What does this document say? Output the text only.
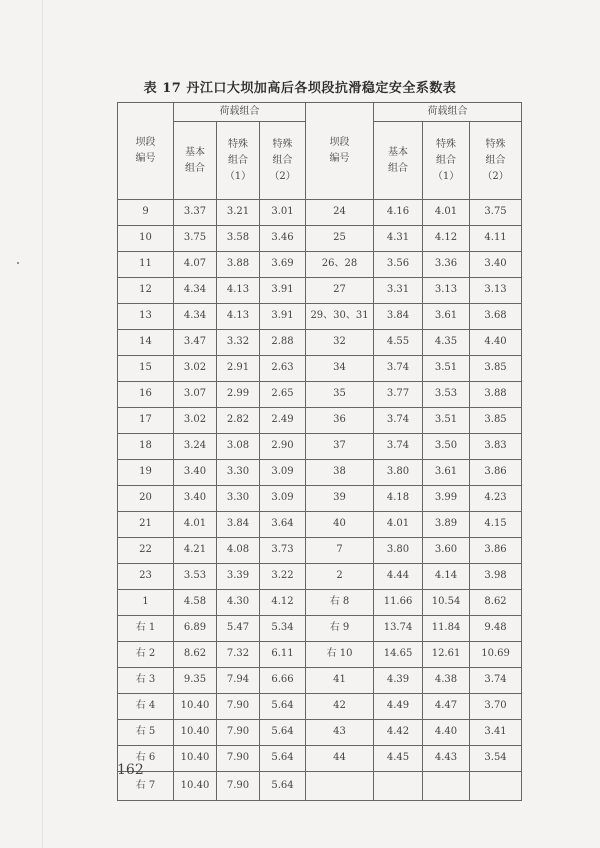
表 17 丹江口大坝加高后各坝段抗滑稳定安全系数表
坝段编号	荷载组合			坝段编号	荷载组合		
	基本组合	特殊组合（1）	特殊组合（2）		基本组合	特殊组合（1）	特殊组合（2）
9	3.37	3.21	3.01	24	4.16	4.01	3.75
10	3.75	3.58	3.46	25	4.31	4.12	4.11
11	4.07	3.88	3.69	26、28	3.56	3.36	3.40
12	4.34	4.13	3.91	27	3.31	3.13	3.13
13	4.34	4.13	3.91	29、30、31	3.84	3.61	3.68
14	3.47	3.32	2.88	32	4.55	4.35	4.40
15	3.02	2.91	2.63	34	3.74	3.51	3.85
16	3.07	2.99	2.65	35	3.77	3.53	3.88
17	3.02	2.82	2.49	36	3.74	3.51	3.85
18	3.24	3.08	2.90	37	3.74	3.50	3.83
19	3.40	3.30	3.09	38	3.80	3.61	3.86
20	3.40	3.30	3.09	39	4.18	3.99	4.23
21	4.01	3.84	3.64	40	4.01	3.89	4.15
22	4.21	4.08	3.73	7	3.80	3.60	3.86
23	3.53	3.39	3.22	2	4.44	4.14	3.98
1	4.58	4.30	4.12	右 8	11.66	10.54	8.62
右 1	6.89	5.47	5.34	右 9	13.74	11.84	9.48
右 2	8.62	7.32	6.11	右 10	14.65	12.61	10.69
右 3	9.35	7.94	6.66	41	4.39	4.38	3.74
右 4	10.40	7.90	5.64	42	4.49	4.47	3.70
右 5	10.40	7.90	5.64	43	4.42	4.40	3.41
右 6	10.40	7.90	5.64	44	4.45	4.43	3.54
右 7	10.40	7.90	5.64				
162
